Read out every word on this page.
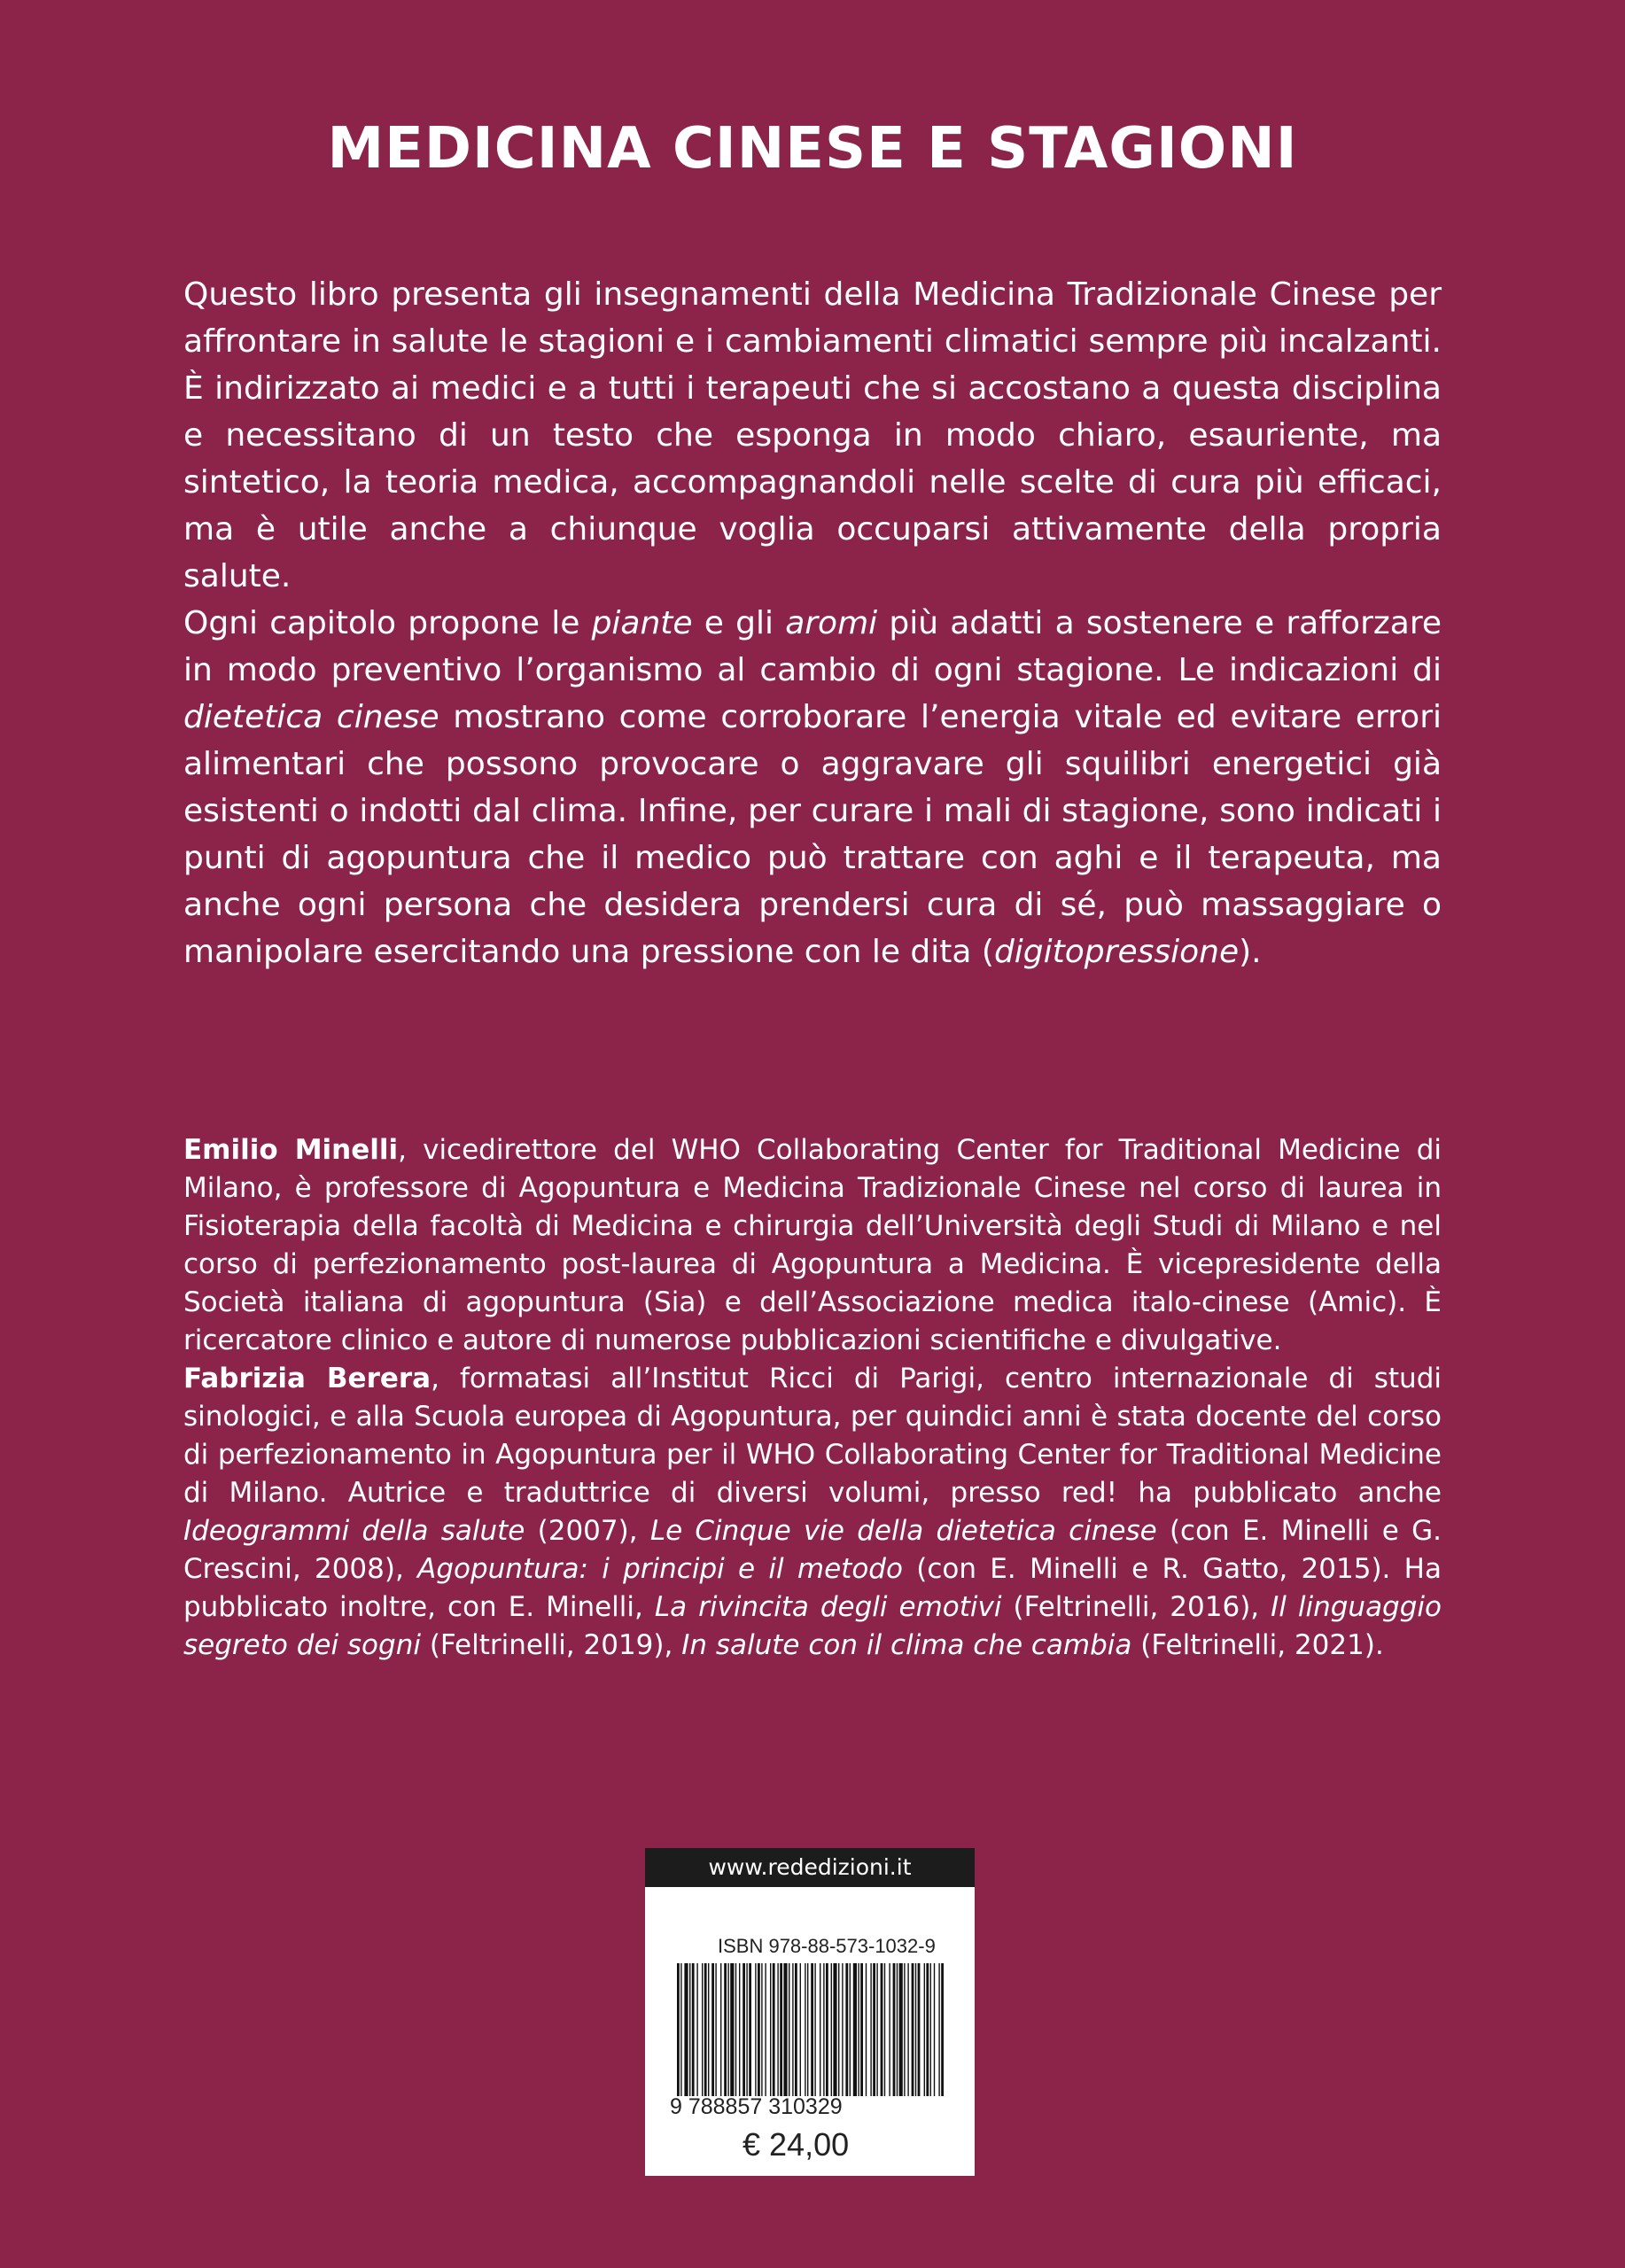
MEDICINA CINESE E STAGIONI

Questo libro presenta gli insegnamenti della Medicina Tradizionale Cinese per affrontare in salute le stagioni e i cambiamenti climatici sempre più incalzanti. È indirizzato ai medici e a tutti i terapeuti che si accostano a questa disciplina e necessitano di un testo che esponga in modo chiaro, esauriente, ma sintetico, la teoria medica, accompagnandoli nelle scelte di cura più efficaci, ma è utile anche a chiunque voglia occuparsi attivamente della propria salute.

Ogni capitolo propone le piante e gli aromi più adatti a sostenere e rafforzare in modo preventivo l’organismo al cambio di ogni stagione. Le indicazioni di dietetica cinese mostrano come corroborare l’energia vitale ed evitare errori alimentari che possono provocare o aggravare gli squilibri energetici già esistenti o indotti dal clima. Infine, per curare i mali di stagione, sono indicati i punti di agopuntura che il medico può trattare con aghi e il terapeuta, ma anche ogni persona che desidera prendersi cura di sé, può massaggiare o manipolare esercitando una pressione con le dita (digitopressione).

Emilio Minelli, vicedirettore del WHO Collaborating Center for Traditional Medicine di Milano, è professore di Agopuntura e Medicina Tradizionale Cinese nel corso di laurea in Fisioterapia della facoltà di Medicina e chirurgia dell’Università degli Studi di Milano e nel corso di perfezionamento post-laurea di Agopuntura a Medicina. È vicepresidente della Società italiana di agopuntura (Sia) e dell’Associazione medica italo-cinese (Amic). È ricercatore clinico e autore di numerose pubblicazioni scientifiche e divulgative.

Fabrizia Berera, formatasi all’Institut Ricci di Parigi, centro internazionale di studi sinologici, e alla Scuola europea di Agopuntura, per quindici anni è stata docente del corso di perfezionamento in Agopuntura per il WHO Collaborating Center for Traditional Medicine di Milano. Autrice e traduttrice di diversi volumi, presso red! ha pubblicato anche Ideogrammi della salute (2007), Le Cinque vie della dietetica cinese (con E. Minelli e G. Crescini, 2008), Agopuntura: i principi e il metodo (con E. Minelli e R. Gatto, 2015). Ha pubblicato inoltre, con E. Minelli, La rivincita degli emotivi (Feltrinelli, 2016), Il linguaggio segreto dei sogni (Feltrinelli, 2019), In salute con il clima che cambia (Feltrinelli, 2021).

www.rededizioni.it
ISBN 978-88-573-1032-9
9 788857 310329
€ 24,00
